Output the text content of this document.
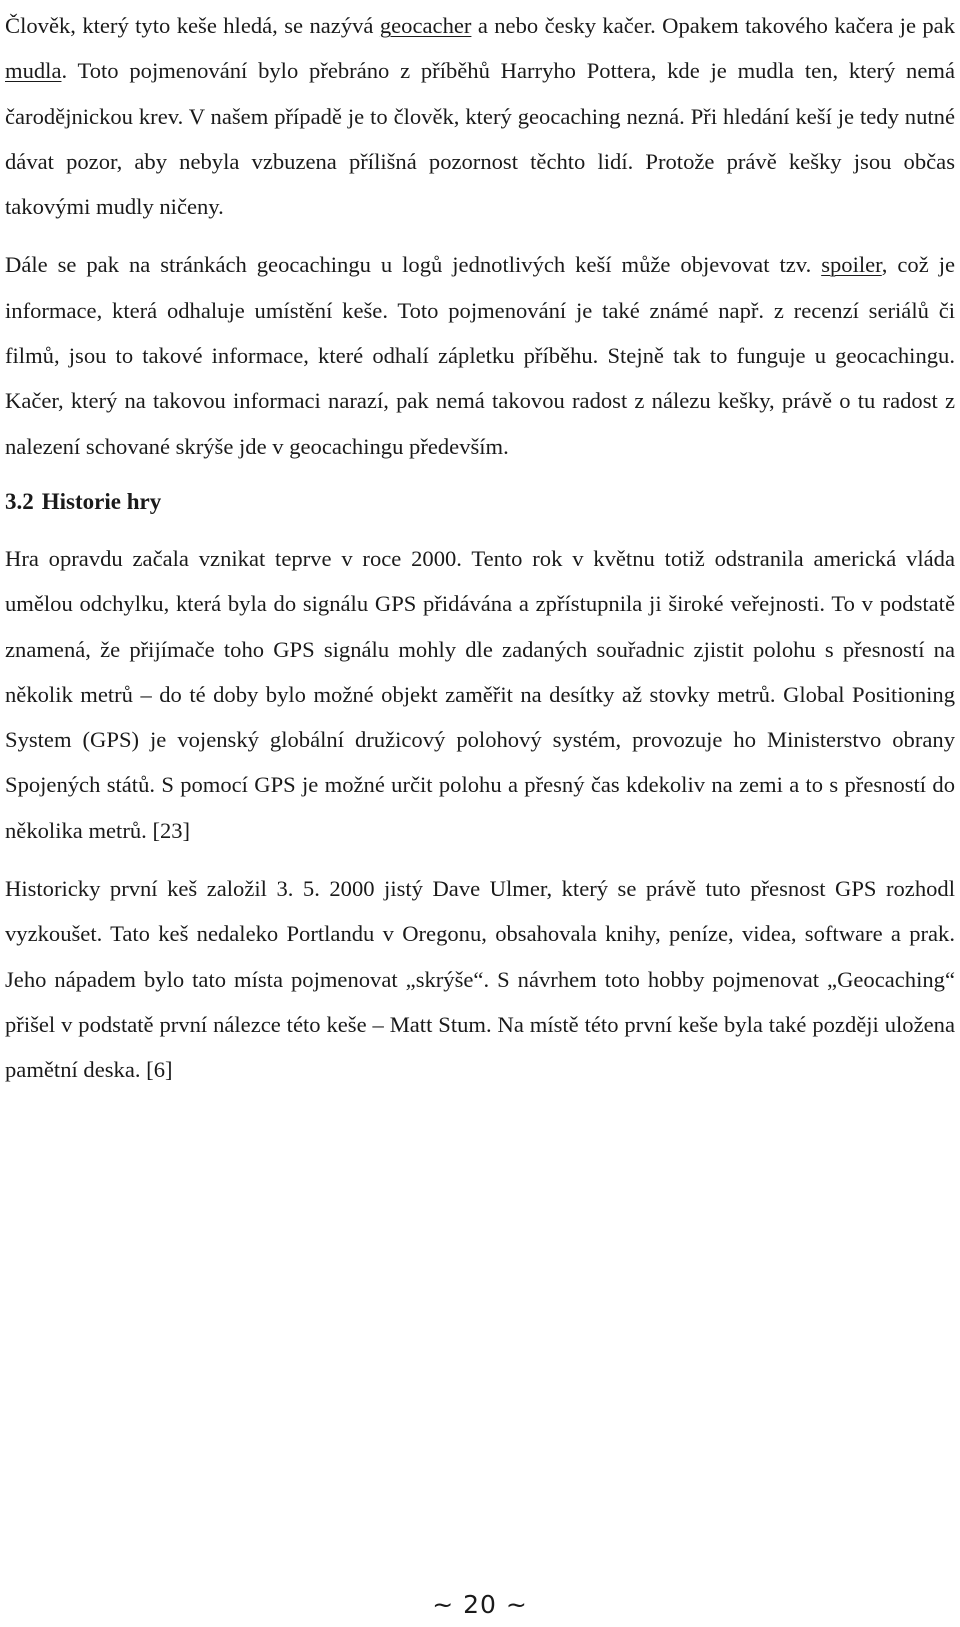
Člověk, který tyto keše hledá, se nazývá geocacher a nebo česky kačer. Opakem takového kačera je pak mudla. Toto pojmenování bylo přebráno z příběhů Harryho Pottera, kde je mudla ten, který nemá čarodějnickou krev. V našem případě je to člověk, který geocaching nezná. Při hledání keší je tedy nutné dávat pozor, aby nebyla vzbuzena přílišná pozornost těchto lidí. Protože právě kešky jsou občas takovými mudly ničeny.

Dále se pak na stránkách geocachingu u logů jednotlivých keší může objevovat tzv. spoiler, což je informace, která odhaluje umístění keše. Toto pojmenování je také známé např. z recenzí seriálů či filmů, jsou to takové informace, které odhalí zápletku příběhu. Stejně tak to funguje u geocachingu. Kačer, který na takovou informaci narazí, pak nemá takovou radost z nálezu kešky, právě o tu radost z nalezení schované skrýše jde v geocachingu především.

3.2 Historie hry

Hra opravdu začala vznikat teprve v roce 2000. Tento rok v květnu totiž odstranila americká vláda umělou odchylku, která byla do signálu GPS přidávána a zpřístupnila ji široké veřejnosti. To v podstatě znamená, že přijímače toho GPS signálu mohly dle zadaných souřadnic zjistit polohu s přesností na několik metrů – do té doby bylo možné objekt zaměřit na desítky až stovky metrů. Global Positioning System (GPS) je vojenský globální družicový polohový systém, provozuje ho Ministerstvo obrany Spojených států. S pomocí GPS je možné určit polohu a přesný čas kdekoliv na zemi a to s přesností do několika metrů. [23]

Historicky první keš založil 3. 5. 2000 jistý Dave Ulmer, který se právě tuto přesnost GPS rozhodl vyzkoušet. Tato keš nedaleko Portlandu v Oregonu, obsahovala knihy, peníze, videa, software a prak. Jeho nápadem bylo tato místa pojmenovat „skrýše“. S návrhem toto hobby pojmenovat „Geocaching“ přišel v podstatě první nálezce této keše – Matt Stum. Na místě této první keše byla také později uložena pamětní deska. [6]

~ 20 ~
